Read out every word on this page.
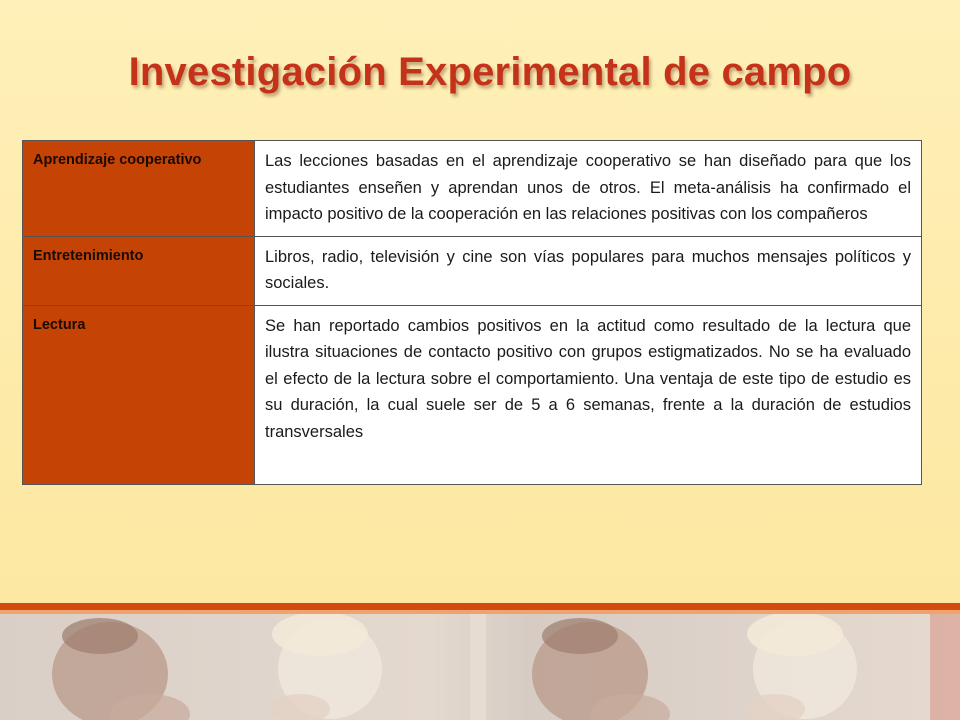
Investigación Experimental de campo
Aprendizaje cooperativo	Las lecciones basadas en el aprendizaje cooperativo se han diseñado para que los estudiantes enseñen y aprendan unos de otros. El meta-análisis ha confirmado el impacto positivo de la cooperación en las relaciones positivas con los compañeros
Entretenimiento	Libros, radio, televisión y cine son vías populares para muchos mensajes políticos y sociales.
Lectura	Se han reportado cambios positivos en la actitud como resultado de la lectura que ilustra situaciones de contacto positivo con grupos estigmatizados. No se ha evaluado el efecto de la lectura sobre el comportamiento. Una ventaja de este tipo de estudio es su duración, la cual suele ser de 5 a 6 semanas, frente a la duración de estudios transversales
